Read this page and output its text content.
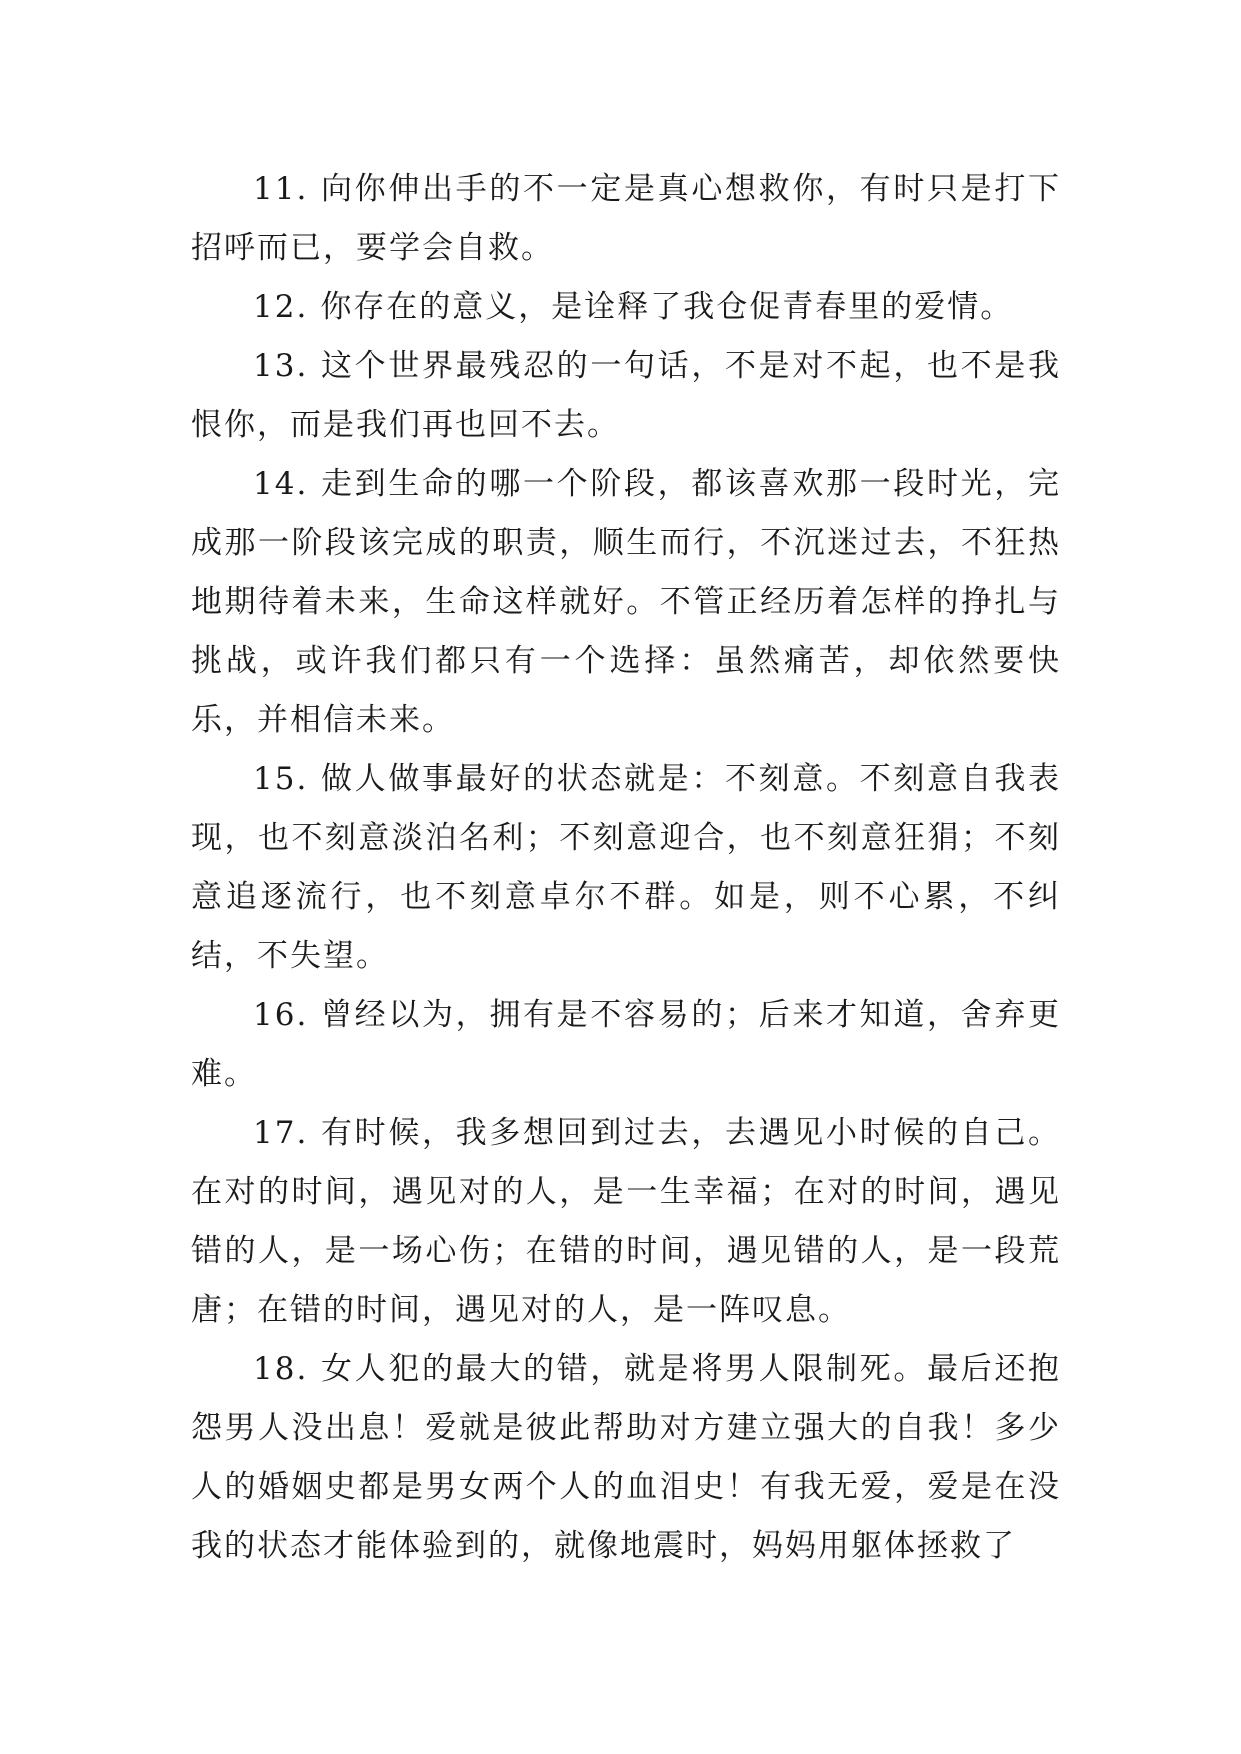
11. 向你伸出手的不一定是真心想救你，有时只是打下招呼而已，要学会自救。

12. 你存在的意义，是诠释了我仓促青春里的爱情。

13. 这个世界最残忍的一句话，不是对不起，也不是我恨你，而是我们再也回不去。

14. 走到生命的哪一个阶段，都该喜欢那一段时光，完成那一阶段该完成的职责，顺生而行，不沉迷过去，不狂热地期待着未来，生命这样就好。不管正经历着怎样的挣扎与挑战，或许我们都只有一个选择：虽然痛苦，却依然要快乐，并相信未来。

15. 做人做事最好的状态就是：不刻意。不刻意自我表现，也不刻意淡泊名利；不刻意迎合，也不刻意狂狷；不刻意追逐流行，也不刻意卓尔不群。如是，则不心累，不纠结，不失望。

16. 曾经以为，拥有是不容易的；后来才知道，舍弃更难。

17. 有时候，我多想回到过去，去遇见小时候的自己。在对的时间，遇见对的人，是一生幸福；在对的时间，遇见错的人，是一场心伤；在错的时间，遇见错的人，是一段荒唐；在错的时间，遇见对的人，是一阵叹息。

18. 女人犯的最大的错，就是将男人限制死。最后还抱怨男人没出息！爱就是彼此帮助对方建立强大的自我！多少人的婚姻史都是男女两个人的血泪史！有我无爱，爱是在没我的状态才能体验到的，就像地震时，妈妈用躯体拯救了
